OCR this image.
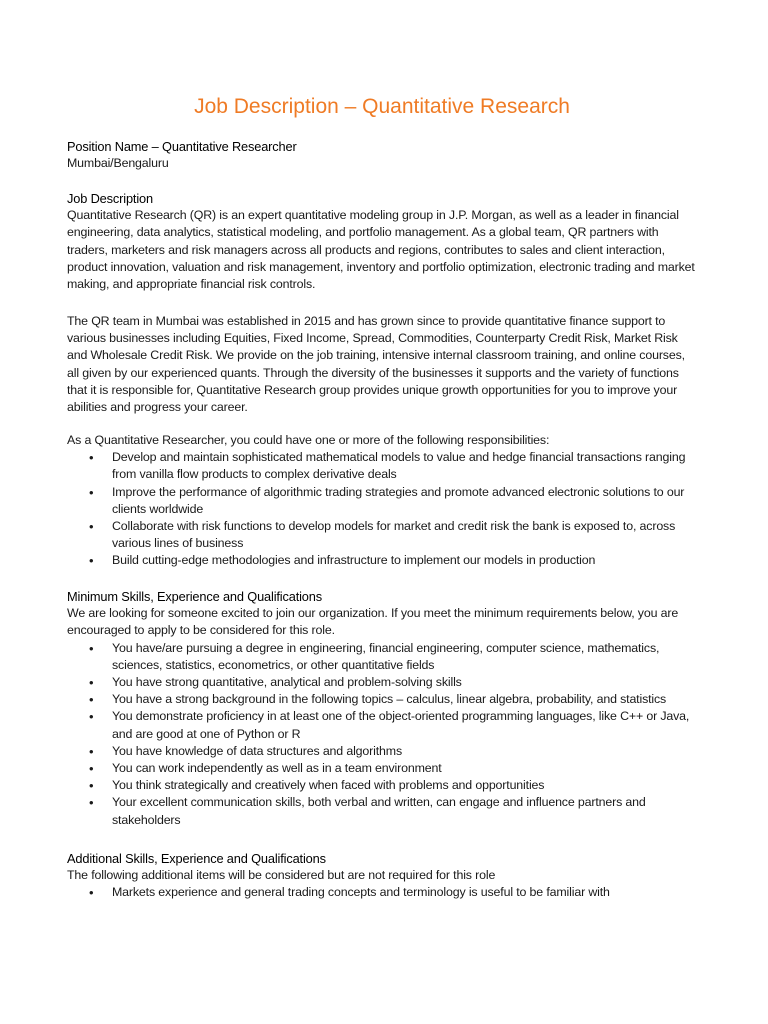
Job Description – Quantitative Research

Position Name – Quantitative Researcher

Mumbai/Bengaluru

Job Description

Quantitative Research (QR) is an expert quantitative modeling group in J.P. Morgan, as well as a leader in financial engineering, data analytics, statistical modeling, and portfolio management. As a global team, QR partners with traders, marketers and risk managers across all products and regions, contributes to sales and client interaction, product innovation, valuation and risk management, inventory and portfolio optimization, electronic trading and market making, and appropriate financial risk controls.

The QR team in Mumbai was established in 2015 and has grown since to provide quantitative finance support to various businesses including Equities, Fixed Income, Spread, Commodities, Counterparty Credit Risk, Market Risk and Wholesale Credit Risk. We provide on the job training, intensive internal classroom training, and online courses, all given by our experienced quants. Through the diversity of the businesses it supports and the variety of functions that it is responsible for, Quantitative Research group provides unique growth opportunities for you to improve your abilities and progress your career.

As a Quantitative Researcher, you could have one or more of the following responsibilities:

• Develop and maintain sophisticated mathematical models to value and hedge financial transactions ranging from vanilla flow products to complex derivative deals
• Improve the performance of algorithmic trading strategies and promote advanced electronic solutions to our clients worldwide
• Collaborate with risk functions to develop models for market and credit risk the bank is exposed to, across various lines of business
• Build cutting-edge methodologies and infrastructure to implement our models in production

Minimum Skills, Experience and Qualifications

We are looking for someone excited to join our organization. If you meet the minimum requirements below, you are encouraged to apply to be considered for this role.

• You have/are pursuing a degree in engineering, financial engineering, computer science, mathematics, sciences, statistics, econometrics, or other quantitative fields
• You have strong quantitative, analytical and problem-solving skills
• You have a strong background in the following topics – calculus, linear algebra, probability, and statistics
• You demonstrate proficiency in at least one of the object-oriented programming languages, like C++ or Java, and are good at one of Python or R
• You have knowledge of data structures and algorithms
• You can work independently as well as in a team environment
• You think strategically and creatively when faced with problems and opportunities
• Your excellent communication skills, both verbal and written, can engage and influence partners and stakeholders

Additional Skills, Experience and Qualifications

The following additional items will be considered but are not required for this role

• Markets experience and general trading concepts and terminology is useful to be familiar with
